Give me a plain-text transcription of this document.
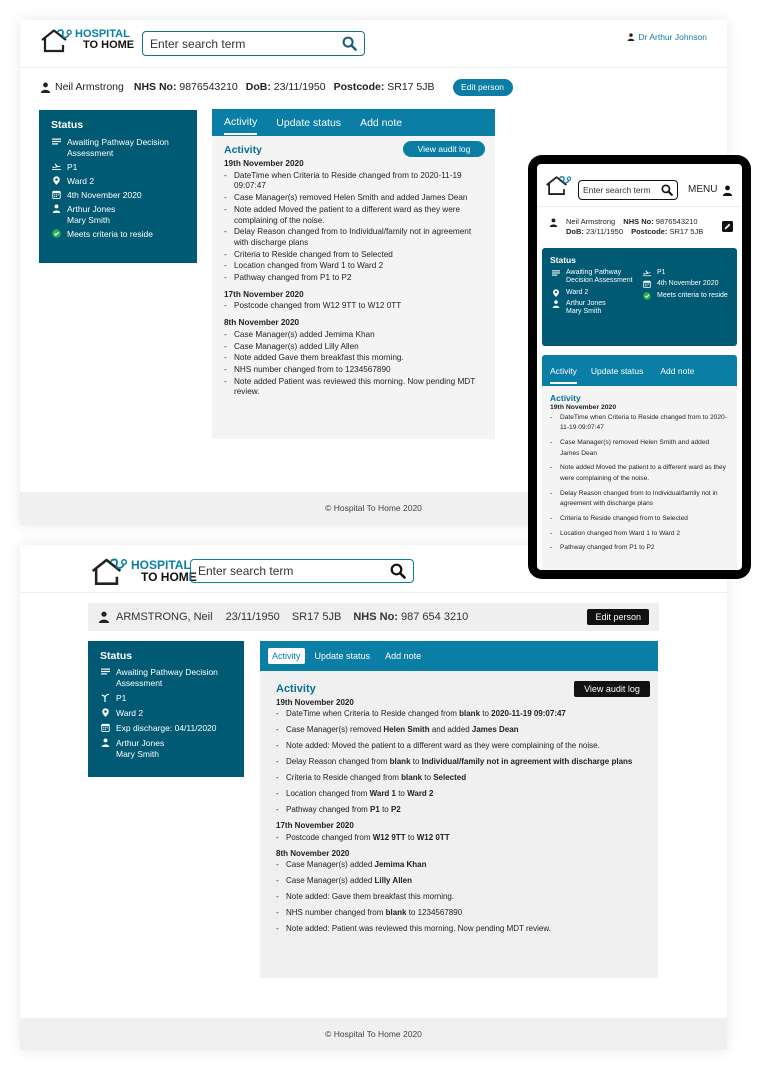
HOSPITAL
TO HOME Enter search term	Dr Arthur Johnson
Neil Armstrong NHS No:
9876543210 DoB:
23/11/1950 Postcode:
SR17 5JB	Edit person
Status
Awaiting Pathway Decision Assessment
P1
Ward 2
4th November 2020
Arthur Jones
Mary Smith
Meets criteria to reside
Activity Update status Add note
Activity	View audit log
19th November 2020
- DateTime when Criteria to Reside changed from to 2020-11-19 09:07:47
- Case Manager(s) removed Helen Smith and added James Dean
- Note added Moved the patient to a different ward as they were complaining of the noise.
- Delay Reason changed from to Individual/family not in agreement with discharge plans
- Criteria to Reside changed from to Selected
- Location changed from Ward 1 to Ward 2
- Pathway changed from P1 to P2
17th November 2020
- Postcode changed from W12 9TT to W12 0TT
8th November 2020
- Case Manager(s) added Jemima Khan
- Case Manager(s) added Lilly Allen
- Note added Gave them breakfast this morning.
- NHS number changed from to 1234567890
- Note added Patient was reviewed this morning. Now pending MDT review.
© Hospital To Home 2020
HOSPITAL
TO HOME Enter search term
ARMSTRONG, Neil 23/11/1950 SR17 5JB NHS No:
987 654 3210	Edit person
Status
Awaiting Pathway Decision Assessment
P1
Ward 2
Exp discharge: 04/11/2020
Arthur Jones
Mary Smith
Activity	Update status Add note
Activity	View audit log
19th November 2020
- DateTime when Criteria to Reside changed from blank to 2020-11-19 09:07:47
- Case Manager(s) removed Helen Smith and added James Dean
- Note added: Moved the patient to a different ward as they were complaining of the noise.
- Delay Reason changed from blank to Individual/family not in agreement with discharge plans
- Criteria to Reside changed from blank to Selected
- Location changed from Ward 1 to Ward 2
- Pathway changed from P1 to P2
17th November 2020
- Postcode changed from W12 9TT to W12 0TT
8th November 2020
- Case Manager(s) added Jemima Khan
- Case Manager(s) added Lilly Allen
- Note added: Gave them breakfast this morning.
- NHS number changed from blank to 1234567890
- Note added: Patient was reviewed this morning. Now pending MDT review.
© Hospital To Home 2020
Enter search term	MENU
Neil Armstrong NHS No: 9876543210
DoB: 23/11/1950 Postcode: SR17 5JB
Status
Awaiting Pathway Decision Assessment
Ward 2
Arthur Jones
Mary Smith
P1
4th November 2020
Meets criteria to reside
Activity Update status Add note
Activity
19th November 2020
- DateTime when Criteria to Reside changed from to 2020-11-19 09:07:47
- Case Manager(s) removed Helen Smith and added James Dean
- Note added Moved the patient to a different ward as they were complaining of the noise.
- Delay Reason changed from to Individual/family not in agreement with discharge plans
- Criteria to Reside changed from to Selected
- Location changed from Ward 1 to Ward 2
- Pathway changed from P1 to P2
